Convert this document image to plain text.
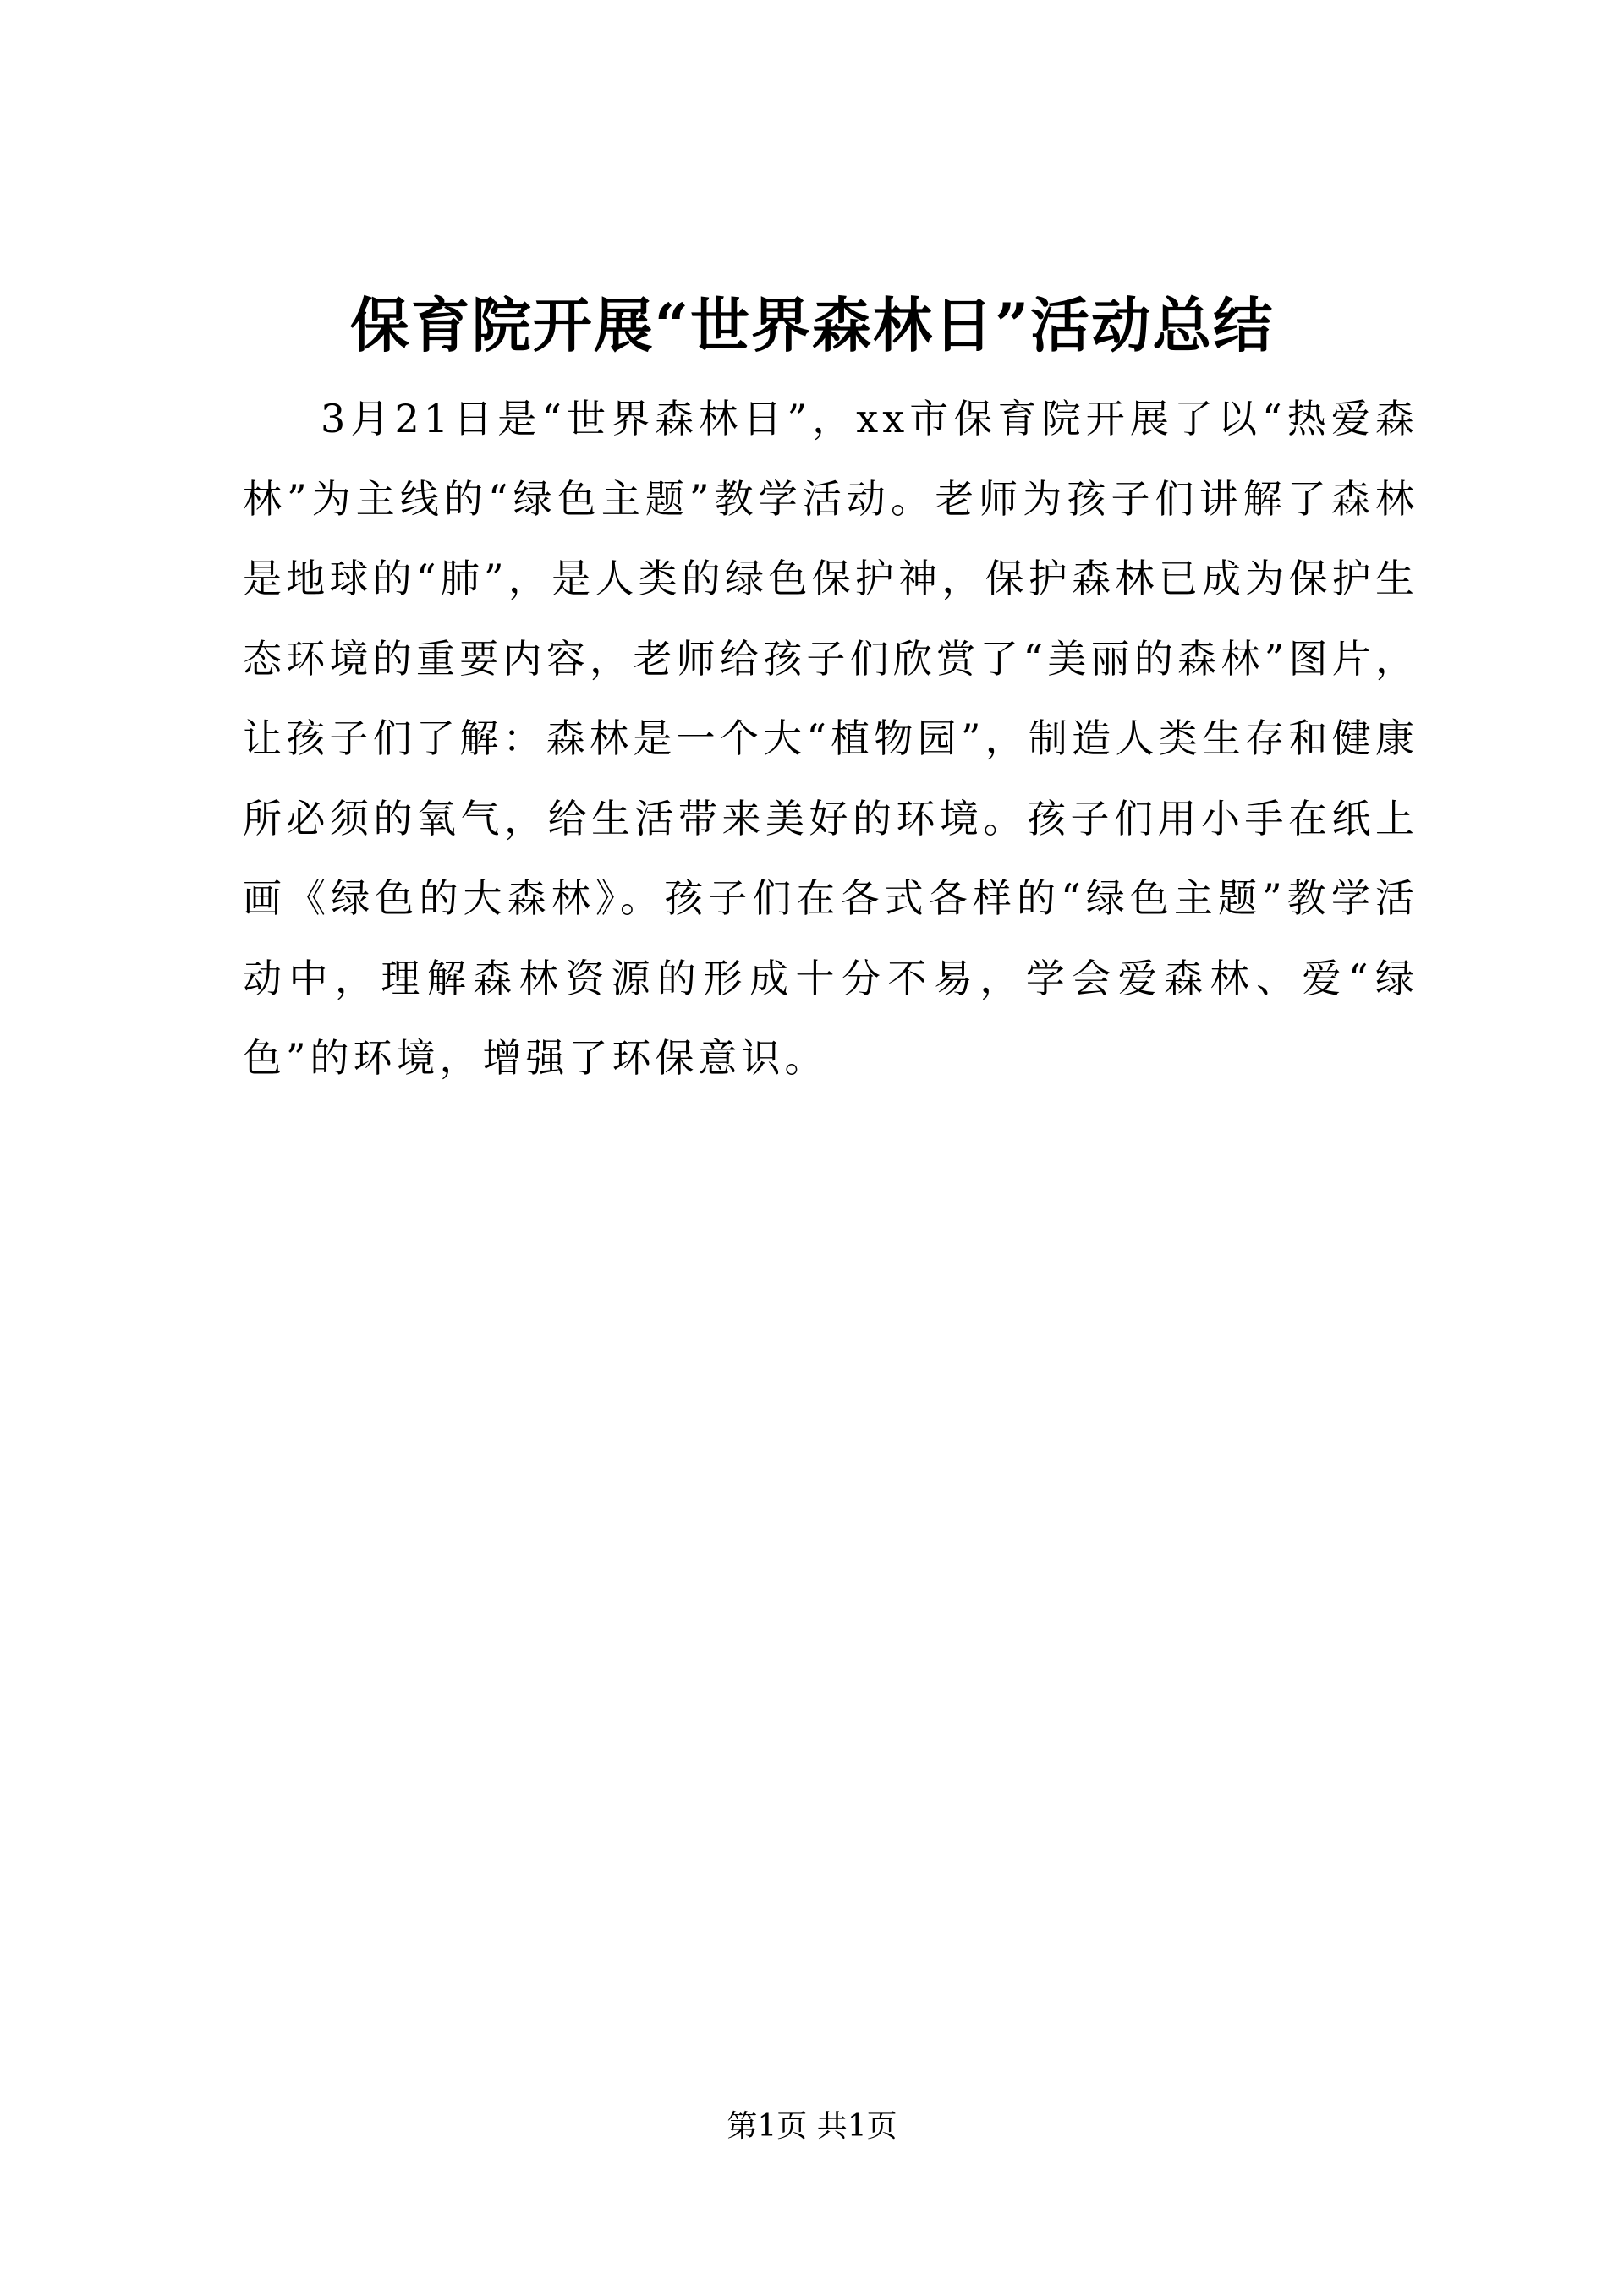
保育院开展“世界森林日”活动总结

3月21日是“世界森林日”，xx市保育院开展了以“热爱森林”为主线的“绿色主题”教学活动。老师为孩子们讲解了森林是地球的“肺”，是人类的绿色保护神，保护森林已成为保护生态环境的重要内容，老师给孩子们欣赏了“美丽的森林”图片，让孩子们了解：森林是一个大“植物园”，制造人类生存和健康所必须的氧气，给生活带来美好的环境。孩子们用小手在纸上画《绿色的大森林》。孩子们在各式各样的“绿色主题”教学活动中，理解森林资源的形成十分不易，学会爱森林、爱“绿色”的环境，增强了环保意识。

第1页 共1页
